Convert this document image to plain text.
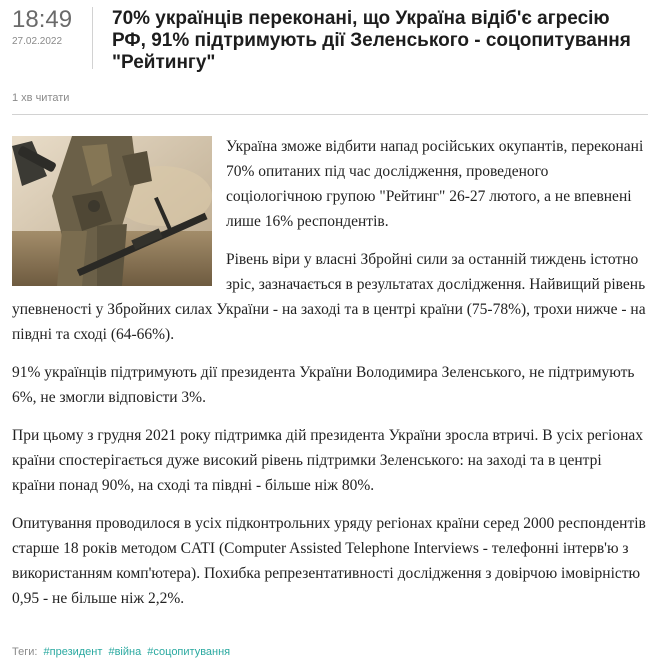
18:49
27.02.2022
70% українців переконані, що Україна відіб'є агресію РФ, 91% підтримують дії Зеленського - соцопитування "Рейтингу"
1 хв читати

Україна зможе відбити напад російських окупантів, переконані 70% опитаних під час дослідження, проведеного соціологічною групою "Рейтинг" 26-27 лютого, а не впевнені лише 16% респондентів.

Рівень віри у власні Збройні сили за останній тиждень істотно зріс, зазначається в результатах дослідження. Найвищий рівень упевненості у Збройних силах України - на заході та в центрі країни (75-78%), трохи нижче - на півдні та сході (64-66%).

91% українців підтримують дії президента України Володимира Зеленського, не підтримують 6%, не змогли відповісти 3%.

При цьому з грудня 2021 року підтримка дій президента України зросла втричі. В усіх регіонах країни спостерігається дуже високий рівень підтримки Зеленського: на заході та в центрі країни понад 90%, на сході та півдні - більше ніж 80%.

Опитування проводилося в усіх підконтрольних уряду регіонах країни серед 2000 респондентів старше 18 років методом CATI (Computer Assisted Telephone Interviews - телефонні інтерв'ю з використанням комп'ютера). Похибка репрезентативності дослідження з довірчою імовірністю 0,95 - не більше ніж 2,2%.

Теги: #президент #війна #соцопитування
